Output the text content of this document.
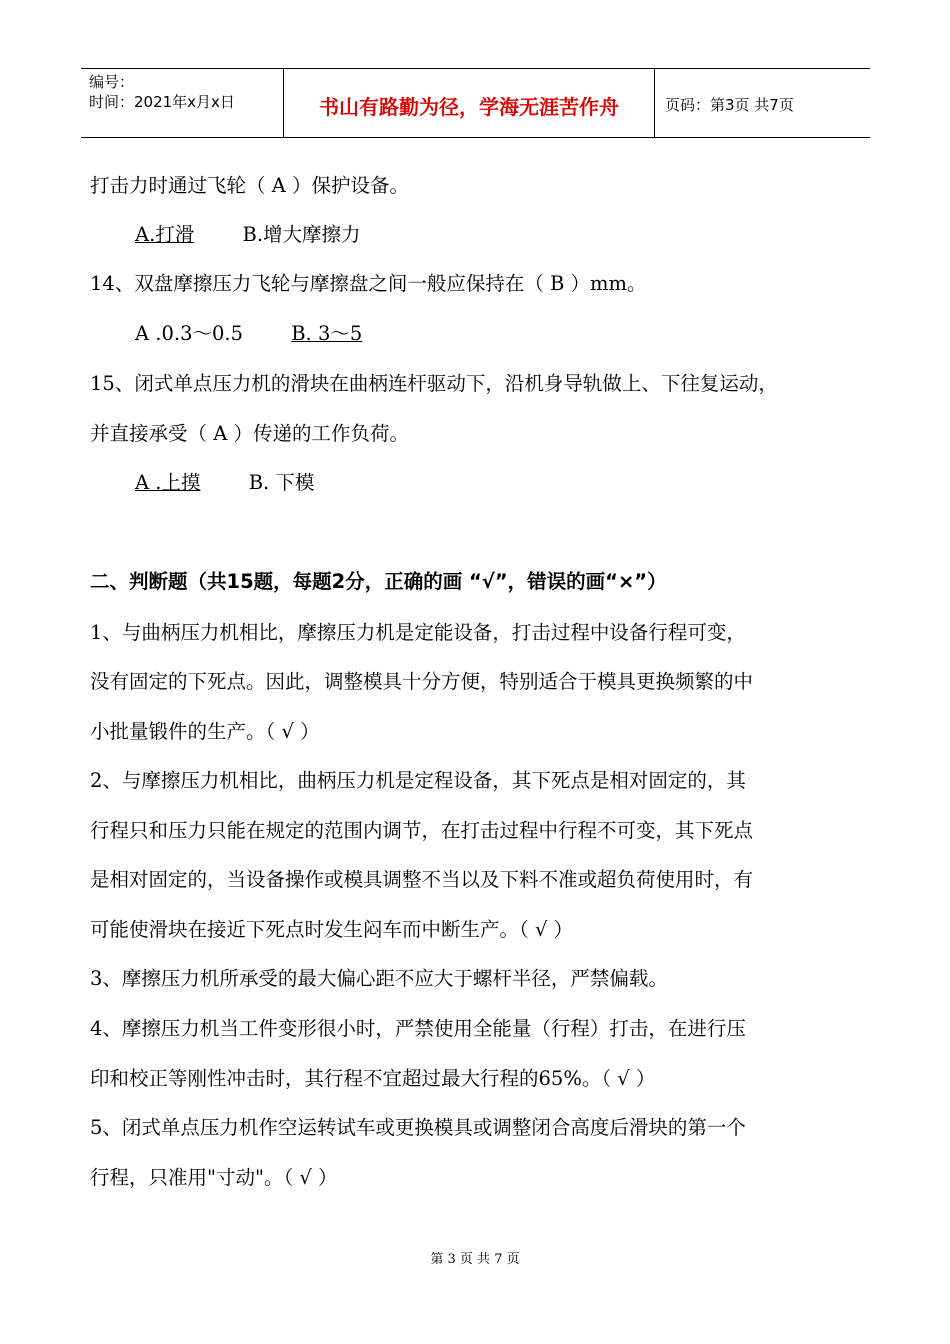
编号：
时间：2021年x月x日	书山有路勤为径，学海无涯苦作舟	页码：第3页 共7页
打击力时通过飞轮（ A ）保护设备。
A.打滑 B.增大摩擦力
14、双盘摩擦压力飞轮与摩擦盘之间一般应保持在（ B ）mm。
A .0.3～0.5 B. 3～5
15、闭式单点压力机的滑块在曲柄连杆驱动下，沿机身导轨做上、下往复运动，
并直接承受（ A ）传递的工作负荷。
A .上摸 B. 下模
二、判断题（共15题，每题2分，正确的画 “√”，错误的画“×”）
1、与曲柄压力机相比，摩擦压力机是定能设备，打击过程中设备行程可变，
没有固定的下死点。因此，调整模具十分方便，特别适合于模具更换频繁的中
小批量锻件的生产。（ √ ）
2、与摩擦压力机相比，曲柄压力机是定程设备，其下死点是相对固定的，其
行程只和压力只能在规定的范围内调节，在打击过程中行程不可变，其下死点
是相对固定的，当设备操作或模具调整不当以及下料不准或超负荷使用时，有
可能使滑块在接近下死点时发生闷车而中断生产。（ √ ）
3、摩擦压力机所承受的最大偏心距不应大于螺杆半径，严禁偏载。
4、摩擦压力机当工件变形很小时，严禁使用全能量（行程）打击，在进行压
印和校正等刚性冲击时，其行程不宜超过最大行程的65%。（ √ ）
5、闭式单点压力机作空运转试车或更换模具或调整闭合高度后滑块的第一个
行程，只准用"寸动"。（ √ ）
第 3 页 共 7 页
